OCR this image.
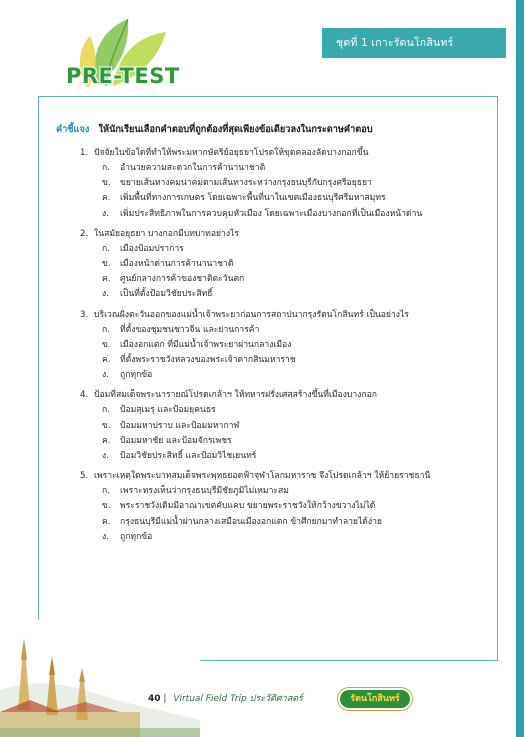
ชุดที่ 1 เกาะรัตนโกสินทร์
PRE-TEST
คำชี้แจง ให้นักเรียนเลือกคำตอบที่ถูกต้องที่สุดเพียงข้อเดียวลงในกระดาษคำตอบ
1. ปัจจัยในข้อใดที่ทำให้พระมหากษัตริย์อยุธยาโปรดให้ขุดคลองลัดบางกอกขึ้น
ก. อำนวยความสะดวกในการค้านานาชาติ
ข. ขยายเส้นทางคมนาคมตามเส้นทางระหว่างกรุงธนบุรีกับกรุงศรีอยุธยา
ค. เพิ่มพื้นที่ทางการเกษตร โดยเฉพาะพื้นที่นาในเขตเมืองธนบุรีศรีมหาสมุทร
ง. เพิ่มประสิทธิภาพในการควบคุมหัวเมือง โดยเฉพาะเมืองบางกอกที่เป็นเมืองหน้าด่าน
2. ในสมัยอยุธยา บางกอกมีบทบาทอย่างไร
ก. เมืองป้อมปราการ
ข. เมืองหน้าด่านการค้านานาชาติ
ค. ศูนย์กลางการค้าของชาติตะวันตก
ง. เป็นที่ตั้งป้อมวิชัยประสิทธิ์
3. บริเวณฝั่งตะวันออกของแม่น้ำเจ้าพระยาก่อนการสถาปนากรุงรัตนโกสินทร์ เป็นอย่างไร
ก. ที่ตั้งของชุมชนชาวจีน และย่านการค้า
ข. เมืองอกแตก ที่มีแม่น้ำเจ้าพระยาผ่านกลางเมือง
ค. ที่ตั้งพระราชวังหลวงของพระเจ้าตากสินมหาราช
ง. ถูกทุกข้อ
4. ป้อมที่สมเด็จพระนารายณ์โปรดเกล้าฯ ให้ทหารฝรั่งเศสสร้างขึ้นที่เมืองบางกอก
ก. ป้อมสุเมรุ และป้อมยุคนธร
ข. ป้อมมหาปราบ และป้อมมหากาฬ
ค. ป้อมมหาชัย และป้อมจักรเพชร
ง. ป้อมวิชัยประสิทธิ์ และป้อมวิไชเยนทร์
5. เพราะเหตุใดพระบาทสมเด็จพระพุทธยอดฟ้าจุฬาโลกมหาราช จึงโปรดเกล้าฯ ให้ย้ายราชธานี
ก. เพราะทรงเห็นว่ากรุงธนบุรีมีชัยภูมิไม่เหมาะสม
ข. พระราชวังเดิมมีอาณาเขตคับแคบ ขยายพระราชวังให้กว้างขวางไม่ได้
ค. กรุงธนบุรีมีแม่น้ำผ่านกลางเสมือนเมืองอกแตก ข้าศึกยกมาทำลายได้ง่าย
ง. ถูกทุกข้อ
40 | Virtual Field Trip ประวัติศาสตร์	รัตนโกสินทร์
